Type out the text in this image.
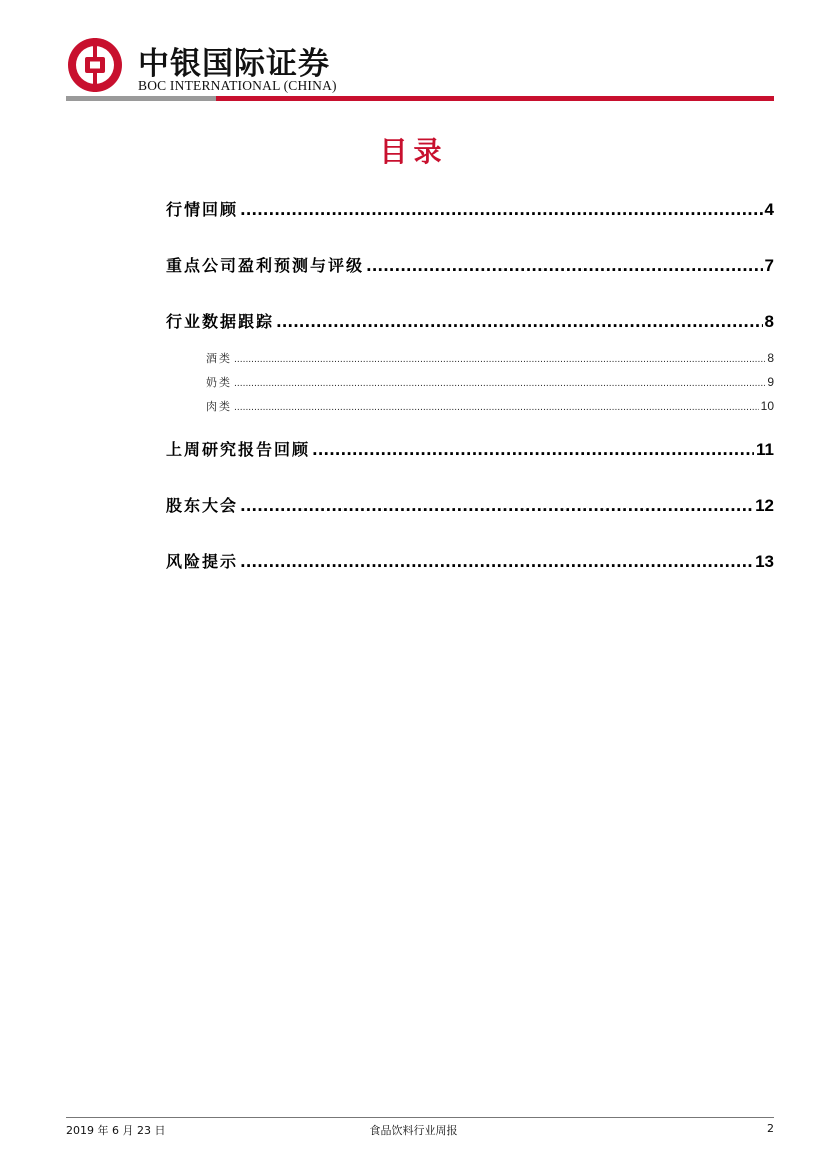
中银国际证券
BOC INTERNATIONAL (CHINA)
目录
行情回顾 .....	4
重点公司盈利预测与评级 .....	7
行业数据跟踪 .....	8
酒类 .....	8
奶类 .....	9
肉类 .....	10
上周研究报告回顾 .....	11
股东大会 .....	12
风险提示 .....	13
2019 年 6 月 23 日	食品饮料行业周报	2
